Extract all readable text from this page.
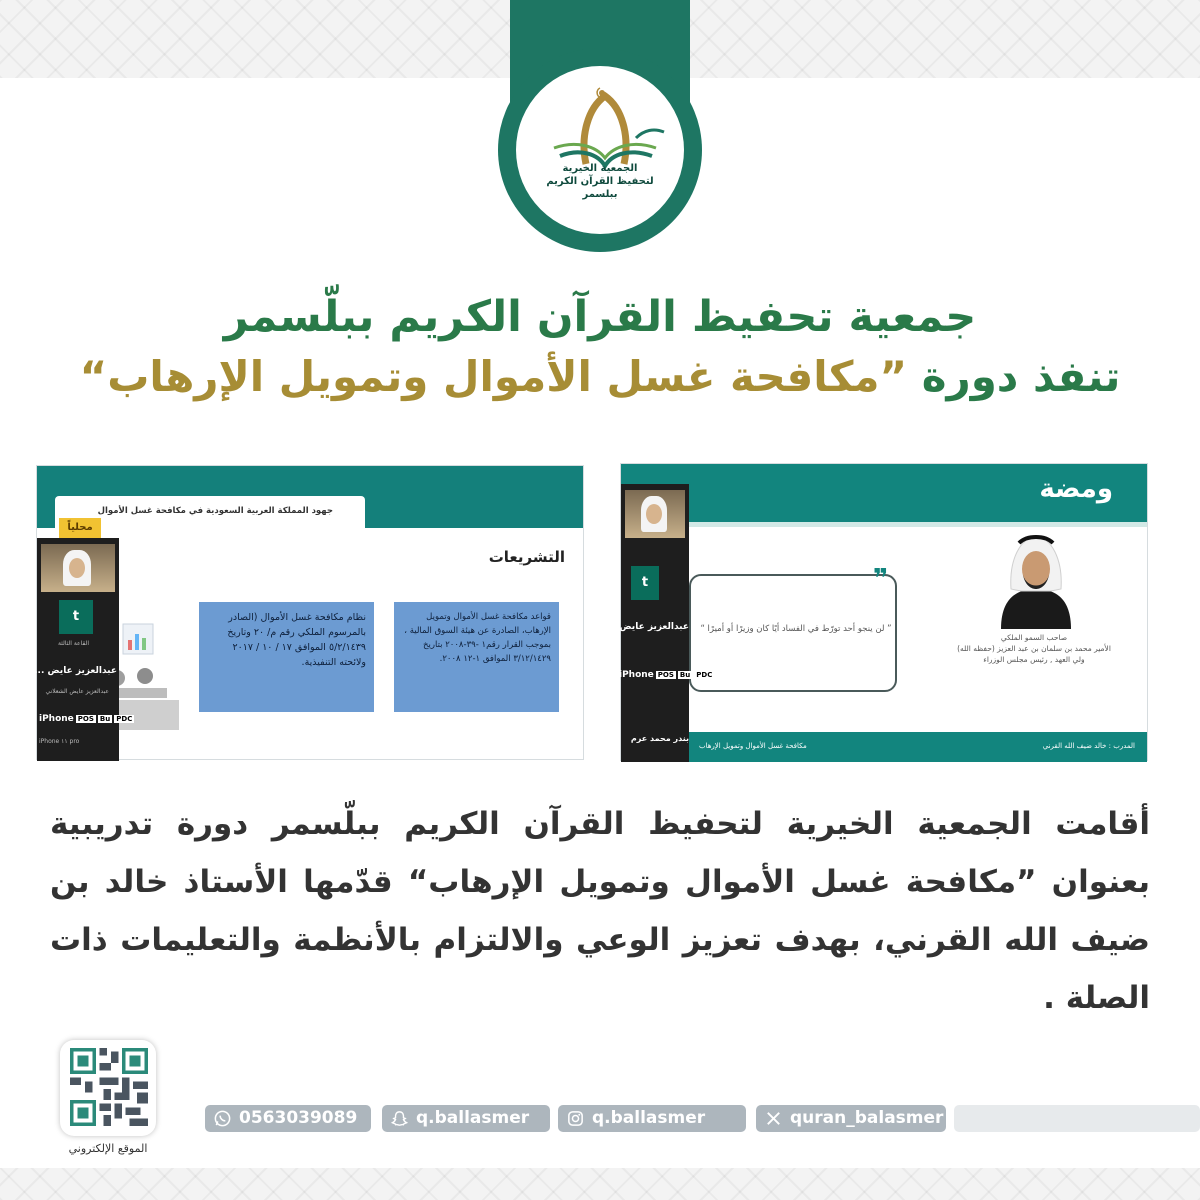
الجمعية الخيرية
لتحفيظ القرآن الكريم
ببلسمر
جمعية تحفيظ القرآن الكريم ببلّسمر
تنفذ دورة ”مكافحة غسل الأموال وتمويل الإرهاب“
جهود المملكة العربية السعودية في مكافحة غسل الأموال
محلياً
التشريعات
نظام مكافحة غسل الأموال (الصادر بالمرسوم الملكي رقم م/ ٢٠ وتاريخ ٥/٢/١٤٣٩ الموافق ١٧ / ١٠ / ٢٠١٧ ولائحته التنفيذية.
قواعد مكافحة غسل الأموال وتمويل الإرهاب، الصادرة عن هيئة السوق المالية ، بموجب القرار رقم١ -٣٩-٢٠٠٨ بتاريخ ٣/١٢/١٤٢٩ الموافق ١-١٢ ٢٠٠٨.
t
القاعة الثالثة
عبدالعزيز عايض ...
عبدالعزيز عايض الشعلاني
iPhone POS Bu PDC
iPhone ١١ pro
ومضة
❞
” لن ينجو أحد تورّط في الفساد أيًا كان وزيرًا أو أميرًا “
صاحب السمو الملكي
الأمير محمد بن سلمان بن عبد العزيز (حفظه الله)
ولي العهد , رئيس مجلس الوزراء
مكافحة غسل الأموال وتمويل الإرهاب	المدرب : خالد ضيف الله القرني
t
عبدالعزيز عايض
iPhone POS Bu PDC
بندر محمد عرم
أقامت الجمعية الخيرية لتحفيظ القرآن الكريم ببلّسمر دورة تدريبية بعنوان ”مكافحة غسل الأموال وتمويل الإرهاب“ قدّمها الأستاذ خالد بن ضيف الله القرني، بهدف تعزيز الوعي والالتزام بالأنظمة والتعليمات ذات الصلة .
الموقع الإلكتروني
0563039089	q.ballasmer	q.ballasmer	quran_balasmer
